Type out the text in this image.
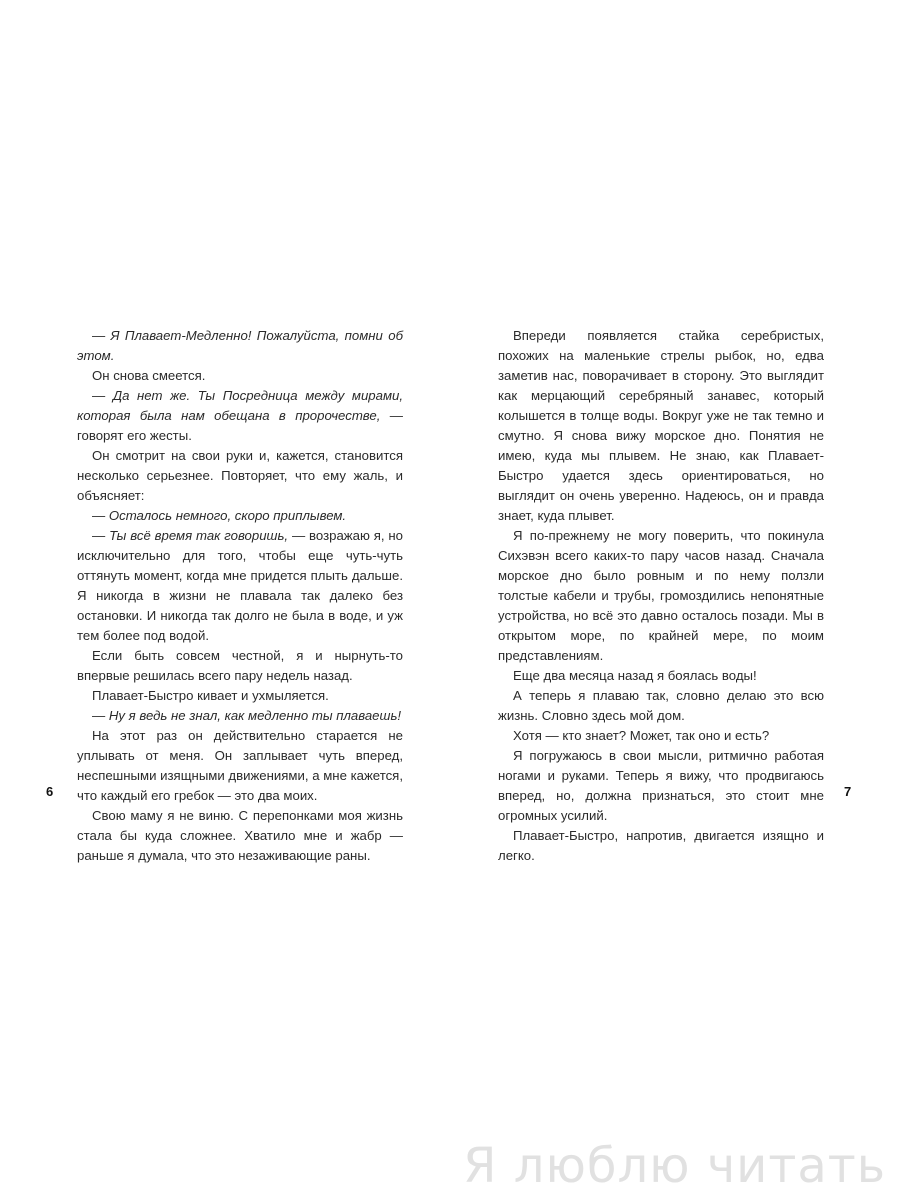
— Я Плавает-Медленно! Пожалуйста, помни об этом.

Он снова смеется.

— Да нет же. Ты Посредница между мирами, которая была нам обещана в пророчестве, — говорят его жесты.

Он смотрит на свои руки и, кажется, становится несколько серьезнее. Повторяет, что ему жаль, и объясняет:

— Осталось немного, скоро приплывем.

— Ты всё время так говоришь, — возражаю я, но исключительно для того, чтобы еще чуть-чуть оттянуть момент, когда мне придется плыть дальше. Я никогда в жизни не плавала так далеко без остановки. И никогда так долго не была в воде, и уж тем более под водой.

Если быть совсем честной, я и нырнуть-то впервые решилась всего пару недель назад.

Плавает-Быстро кивает и ухмыляется.

— Ну я ведь не знал, как медленно ты плаваешь!

На этот раз он действительно старается не уплывать от меня. Он заплывает чуть вперед, неспешными изящными движениями, а мне кажется, что каждый его гребок — это два моих.

Свою маму я не виню. С перепонками моя жизнь стала бы куда сложнее. Хватило мне и жабр — раньше я думала, что это незаживающие раны.

6

Впереди появляется стайка серебристых, похожих на маленькие стрелы рыбок, но, едва заметив нас, поворачивает в сторону. Это выглядит как мерцающий серебряный занавес, который колышется в толще воды. Вокруг уже не так темно и смутно. Я снова вижу морское дно. Понятия не имею, куда мы плывем. Не знаю, как Плавает-Быстро удается здесь ориентироваться, но выглядит он очень уверенно. Надеюсь, он и правда знает, куда плывет.

Я по-прежнему не могу поверить, что покинула Сихэвэн всего каких-то пару часов назад. Сначала морское дно было ровным и по нему ползли толстые кабели и трубы, громоздились непонятные устройства, но всё это давно осталось позади. Мы в открытом море, по крайней мере, по моим представлениям.

Еще два месяца назад я боялась воды!

А теперь я плаваю так, словно делаю это всю жизнь. Словно здесь мой дом.

Хотя — кто знает? Может, так оно и есть?

Я погружаюсь в свои мысли, ритмично работая ногами и руками. Теперь я вижу, что продвигаюсь вперед, но, должна признаться, это стоит мне огромных усилий.

Плавает-Быстро, напротив, двигается изящно и легко.

7
Я люблю читать
